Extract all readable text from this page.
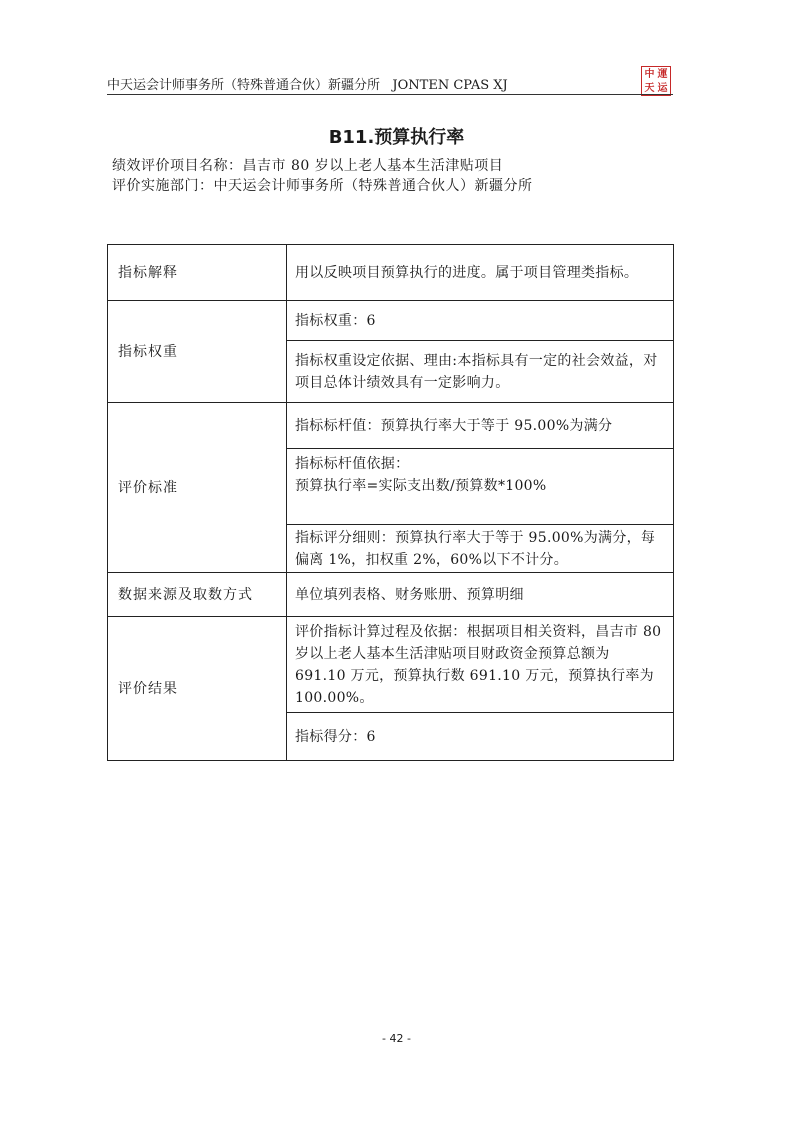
中天运会计师事务所（特殊普通合伙）新疆分所 JONTEN CPAS XJ
中 運
天 运
B11.预算执行率
绩效评价项目名称：昌吉市 80 岁以上老人基本生活津贴项目
评价实施部门：中天运会计师事务所（特殊普通合伙人）新疆分所
指标解释	用以反映项目预算执行的进度。属于项目管理类指标。
指标权重	指标权重：6
	指标权重设定依据、理由:本指标具有一定的社会效益，对项目总体计绩效具有一定影响力。
评价标准	指标标杆值：预算执行率大于等于 95.00%为满分

	指标标杆值依据：
预算执行率=实际支出数/预算数*100%

	指标评分细则：预算执行率大于等于 95.00%为满分，每偏离 1%，扣权重 2%，60%以下不计分。
数据来源及取数方式	单位填列表格、财务账册、预算明细
评价结果	评价指标计算过程及依据：根据项目相关资料，昌吉市 80 岁以上老人基本生活津贴项目财政资金预算总额为 691.10 万元，预算执行数 691.10 万元，预算执行率为 100.00%。
	指标得分：6
- 42 -
